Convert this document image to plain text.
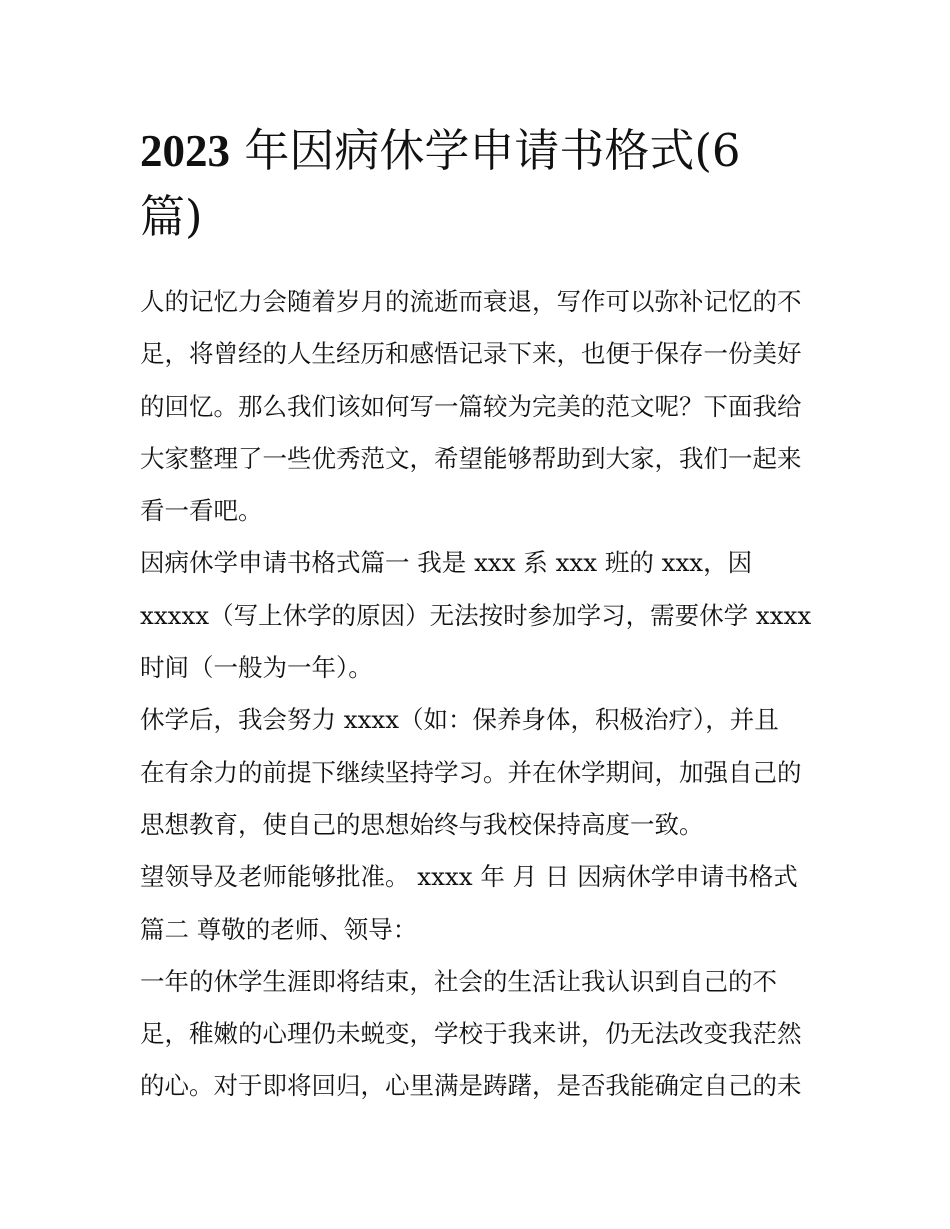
2023 年因病休学申请书格式(6
篇)
人的记忆力会随着岁月的流逝而衰退，写作可以弥补记忆的不
足，将曾经的人生经历和感悟记录下来，也便于保存一份美好
的回忆。那么我们该如何写一篇较为完美的范文呢？下面我给
大家整理了一些优秀范文，希望能够帮助到大家，我们一起来
看一看吧。
因病休学申请书格式篇一 我是 xxx 系 xxx 班的 xxx，因
xxxxx（写上休学的原因）无法按时参加学习，需要休学 xxxx
时间（一般为一年）。
休学后，我会努力 xxxx（如：保养身体，积极治疗），并且
在有余力的前提下继续坚持学习。并在休学期间，加强自己的
思想教育，使自己的思想始终与我校保持高度一致。
望领导及老师能够批准。 xxxx 年 月 日 因病休学申请书格式
篇二 尊敬的老师、领导：
一年的休学生涯即将结束，社会的生活让我认识到自己的不
足，稚嫩的心理仍未蜕变，学校于我来讲，仍无法改变我茫然
的心。对于即将回归，心里满是踌躇，是否我能确定自己的未
